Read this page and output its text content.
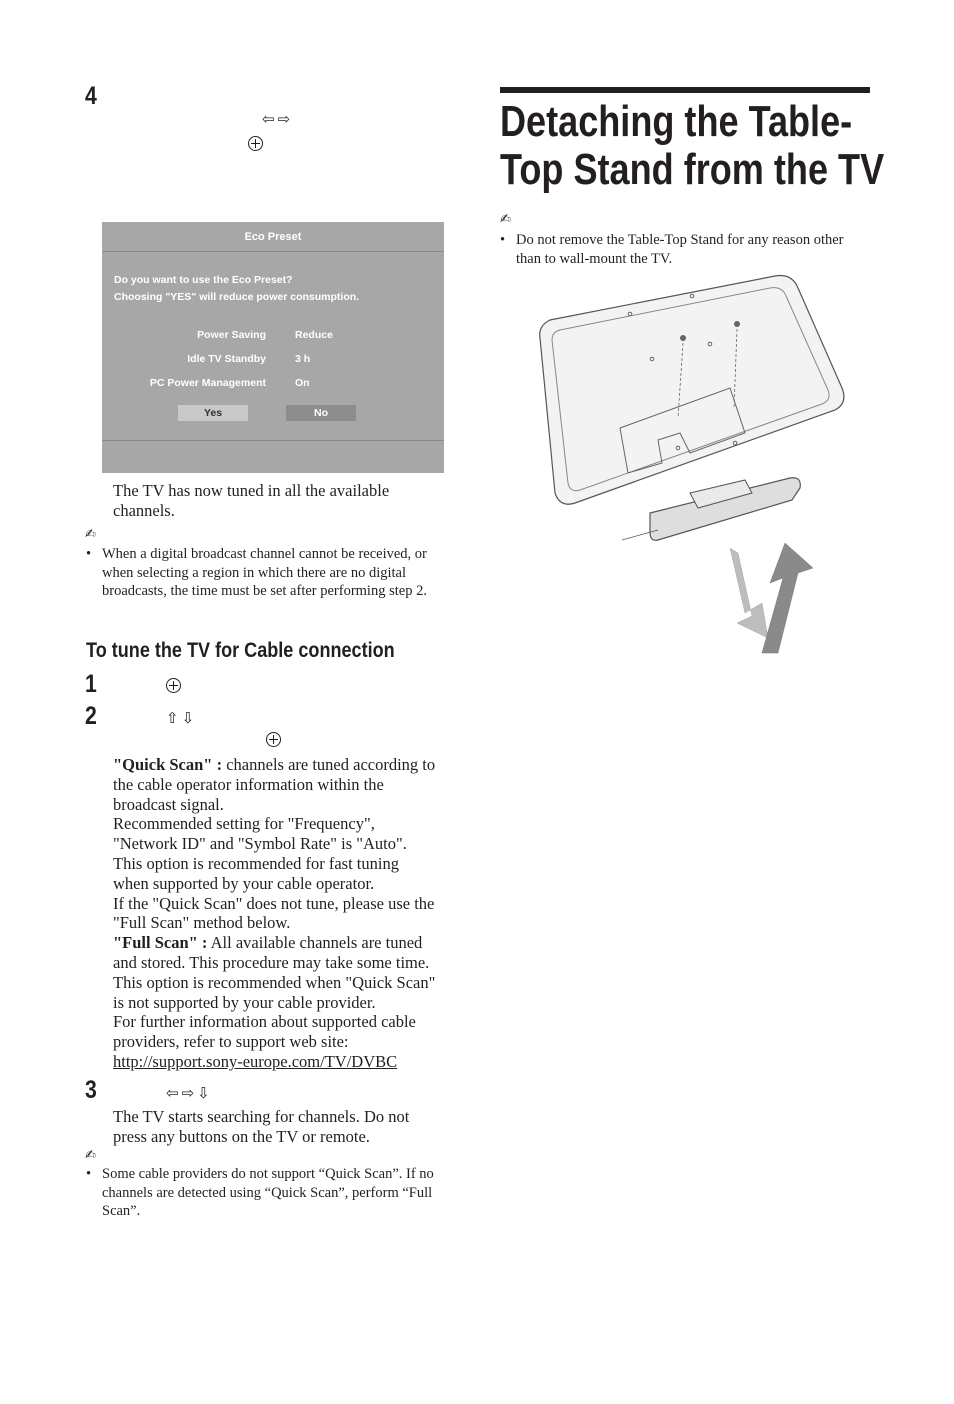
4
⇦ ⇨
Eco Preset
Do you want to use the Eco Preset?
Choosing "YES" will reduce power consumption.
Power Saving	Reduce
Idle TV Standby	3 h
PC Power Management	On
Yes	No
The TV has now tuned in all the available
channels.
✍
• When a digital broadcast channel cannot be received, or
when selecting a region in which there are no digital
broadcasts, the time must be set after performing step 2.
To tune the TV for Cable connection
1
2	⇧ ⇩
"Quick Scan" : channels are tuned according to
the cable operator information within the
broadcast signal.
Recommended setting for "Frequency",
"Network ID" and "Symbol Rate" is "Auto".
This option is recommended for fast tuning
when supported by your cable operator.
If the "Quick Scan" does not tune, please use the
"Full Scan" method below.
"Full Scan" : All available channels are tuned
and stored. This procedure may take some time.
This option is recommended when "Quick Scan"
is not supported by your cable provider.
For further information about supported cable
providers, refer to support web site:
http://support.sony-europe.com/TV/DVBC
3	⇦ ⇨ ⇩
The TV starts searching for channels. Do not
press any buttons on the TV or remote.
✍
• Some cable providers do not support “Quick Scan”. If no
channels are detected using “Quick Scan”, perform “Full
Scan”.
Detaching the Table-
Top Stand from the TV
✍
• Do not remove the Table-Top Stand for any reason other
than to wall-mount the TV.
